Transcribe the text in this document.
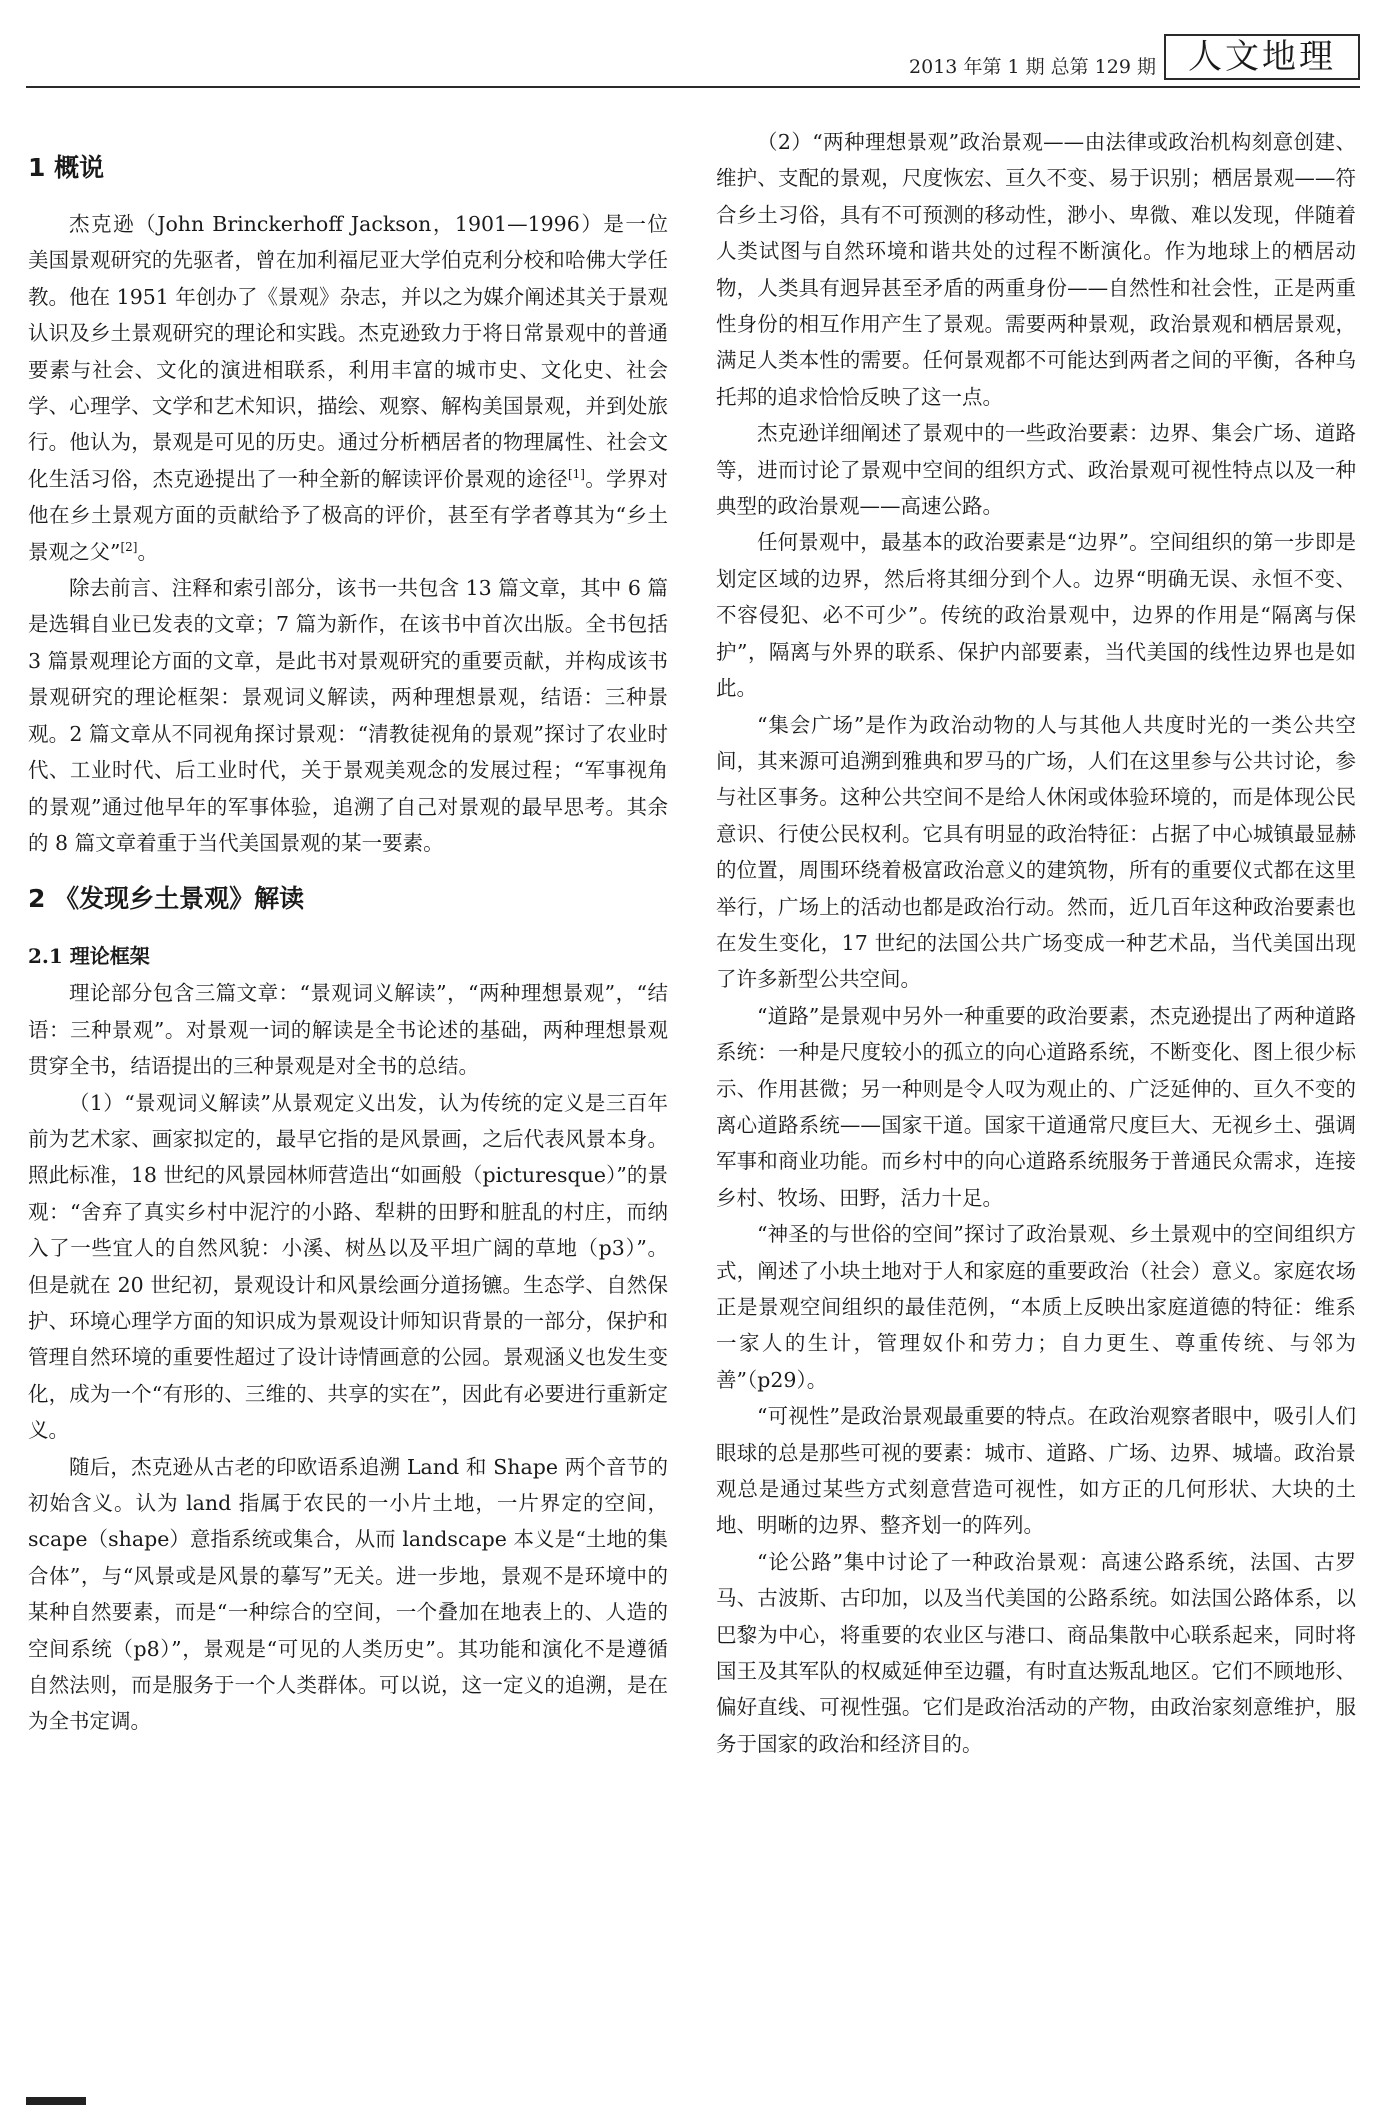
2013 年第 1 期 总第 129 期 人文地理
1 概说

杰克逊（John Brinckerhoff Jackson，1901—1996）是一位美国景观研究的先驱者，曾在加利福尼亚大学伯克利分校和哈佛大学任教。他在 1951 年创办了《景观》杂志，并以之为媒介阐述其关于景观认识及乡土景观研究的理论和实践。杰克逊致力于将日常景观中的普通要素与社会、文化的演进相联系，利用丰富的城市史、文化史、社会学、心理学、文学和艺术知识，描绘、观察、解构美国景观，并到处旅行。他认为，景观是可见的历史。通过分析栖居者的物理属性、社会文化生活习俗，杰克逊提出了一种全新的解读评价景观的途径[1]。学界对他在乡土景观方面的贡献给予了极高的评价，甚至有学者尊其为“乡土景观之父”[2]。

除去前言、注释和索引部分，该书一共包含 13 篇文章，其中 6 篇是选辑自业已发表的文章；7 篇为新作，在该书中首次出版。全书包括 3 篇景观理论方面的文章，是此书对景观研究的重要贡献，并构成该书景观研究的理论框架：景观词义解读，两种理想景观，结语：三种景观。2 篇文章从不同视角探讨景观：“清教徒视角的景观”探讨了农业时代、工业时代、后工业时代，关于景观美观念的发展过程；“军事视角的景观”通过他早年的军事体验，追溯了自己对景观的最早思考。其余的 8 篇文章着重于当代美国景观的某一要素。

2 《发现乡土景观》解读
2.1 理论框架

理论部分包含三篇文章：“景观词义解读”，“两种理想景观”，“结语：三种景观”。对景观一词的解读是全书论述的基础，两种理想景观贯穿全书，结语提出的三种景观是对全书的总结。

（1）“景观词义解读”从景观定义出发，认为传统的定义是三百年前为艺术家、画家拟定的，最早它指的是风景画，之后代表风景本身。照此标准，18 世纪的风景园林师营造出“如画般（picturesque）”的景观：“舍弃了真实乡村中泥泞的小路、犁耕的田野和脏乱的村庄，而纳入了一些宜人的自然风貌：小溪、树丛以及平坦广阔的草地（p3）”。但是就在 20 世纪初，景观设计和风景绘画分道扬镳。生态学、自然保护、环境心理学方面的知识成为景观设计师知识背景的一部分，保护和管理自然环境的重要性超过了设计诗情画意的公园。景观涵义也发生变化，成为一个“有形的、三维的、共享的实在”，因此有必要进行重新定义。

随后，杰克逊从古老的印欧语系追溯 Land 和 Shape 两个音节的初始含义。认为 land 指属于农民的一小片土地，一片界定的空间，scape（shape）意指系统或集合，从而 landscape 本义是“土地的集合体”，与“风景或是风景的摹写”无关。进一步地，景观不是环境中的某种自然要素，而是“一种综合的空间，一个叠加在地表上的、人造的空间系统（p8）”，景观是“可见的人类历史”。其功能和演化不是遵循自然法则，而是服务于一个人类群体。可以说，这一定义的追溯，是在为全书定调。

（2）“两种理想景观”政治景观——由法律或政治机构刻意创建、维护、支配的景观，尺度恢宏、亘久不变、易于识别；栖居景观——符合乡土习俗，具有不可预测的移动性，渺小、卑微、难以发现，伴随着人类试图与自然环境和谐共处的过程不断演化。作为地球上的栖居动物，人类具有迥异甚至矛盾的两重身份——自然性和社会性，正是两重性身份的相互作用产生了景观。需要两种景观，政治景观和栖居景观，满足人类本性的需要。任何景观都不可能达到两者之间的平衡，各种乌托邦的追求恰恰反映了这一点。

杰克逊详细阐述了景观中的一些政治要素：边界、集会广场、道路等，进而讨论了景观中空间的组织方式、政治景观可视性特点以及一种典型的政治景观——高速公路。

任何景观中，最基本的政治要素是“边界”。空间组织的第一步即是划定区域的边界，然后将其细分到个人。边界“明确无误、永恒不变、不容侵犯、必不可少”。传统的政治景观中，边界的作用是“隔离与保护”，隔离与外界的联系、保护内部要素，当代美国的线性边界也是如此。

“集会广场”是作为政治动物的人与其他人共度时光的一类公共空间，其来源可追溯到雅典和罗马的广场，人们在这里参与公共讨论，参与社区事务。这种公共空间不是给人休闲或体验环境的，而是体现公民意识、行使公民权利。它具有明显的政治特征：占据了中心城镇最显赫的位置，周围环绕着极富政治意义的建筑物，所有的重要仪式都在这里举行，广场上的活动也都是政治行动。然而，近几百年这种政治要素也在发生变化，17 世纪的法国公共广场变成一种艺术品，当代美国出现了许多新型公共空间。

“道路”是景观中另外一种重要的政治要素，杰克逊提出了两种道路系统：一种是尺度较小的孤立的向心道路系统，不断变化、图上很少标示、作用甚微；另一种则是令人叹为观止的、广泛延伸的、亘久不变的离心道路系统——国家干道。国家干道通常尺度巨大、无视乡土、强调军事和商业功能。而乡村中的向心道路系统服务于普通民众需求，连接乡村、牧场、田野，活力十足。

“神圣的与世俗的空间”探讨了政治景观、乡土景观中的空间组织方式，阐述了小块土地对于人和家庭的重要政治（社会）意义。家庭农场正是景观空间组织的最佳范例，“本质上反映出家庭道德的特征：维系一家人的生计，管理奴仆和劳力；自力更生、尊重传统、与邻为善”（p29）。

“可视性”是政治景观最重要的特点。在政治观察者眼中，吸引人们眼球的总是那些可视的要素：城市、道路、广场、边界、城墙。政治景观总是通过某些方式刻意营造可视性，如方正的几何形状、大块的土地、明晰的边界、整齐划一的阵列。

“论公路”集中讨论了一种政治景观：高速公路系统，法国、古罗马、古波斯、古印加，以及当代美国的公路系统。如法国公路体系，以巴黎为中心，将重要的农业区与港口、商品集散中心联系起来，同时将国王及其军队的权威延伸至边疆，有时直达叛乱地区。它们不顾地形、偏好直线、可视性强。它们是政治活动的产物，由政治家刻意维护，服务于国家的政治和经济目的。
